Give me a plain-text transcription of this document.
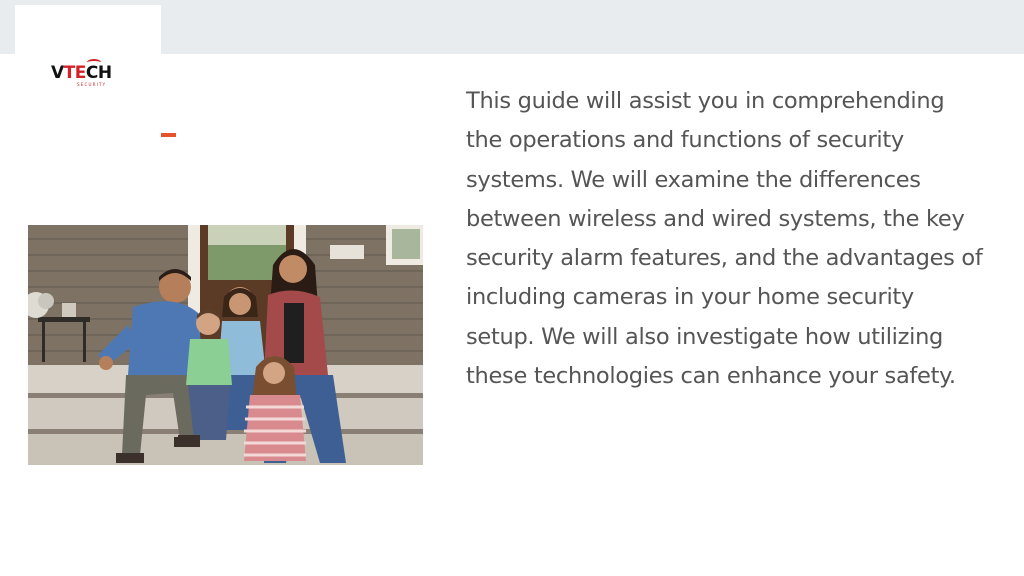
VTECH
SECURITY

This guide will assist you in comprehending the operations and functions of security systems. We will examine the differences between wireless and wired systems, the key security alarm features, and the advantages of including cameras in your home security setup. We will also investigate how utilizing these technologies can enhance your safety.
